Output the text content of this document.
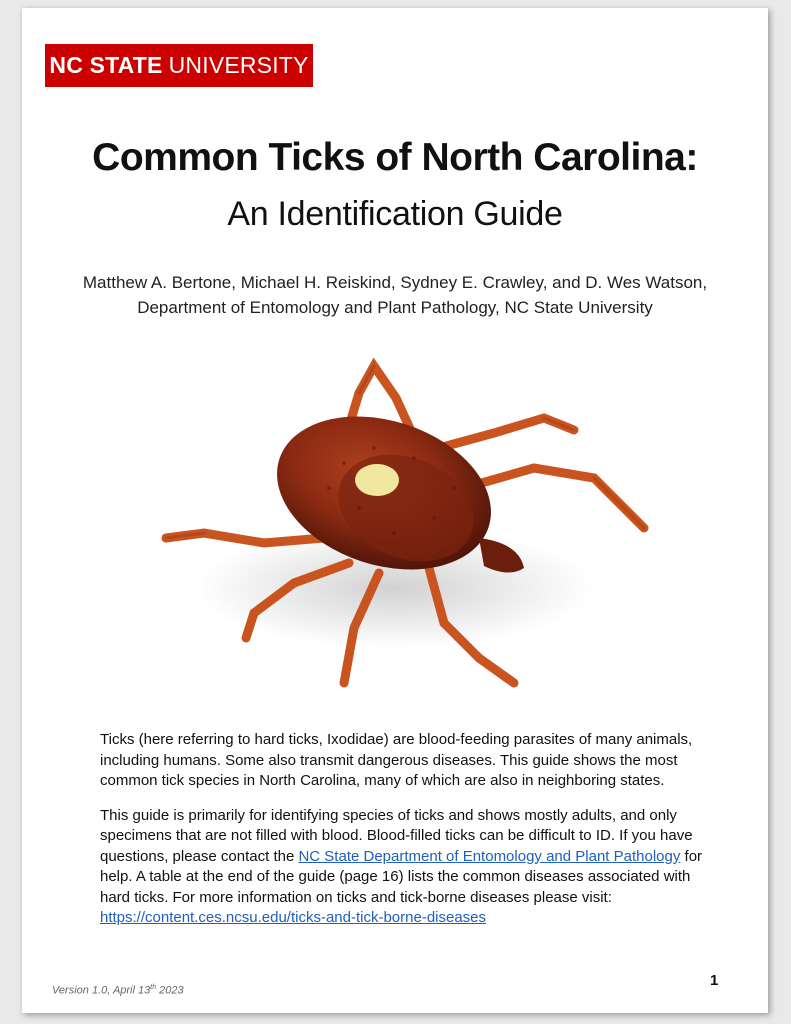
NC STATE UNIVERSITY
Common Ticks of North Carolina:
An Identification Guide
Matthew A. Bertone, Michael H. Reiskind, Sydney E. Crawley, and D. Wes Watson,
Department of Entomology and Plant Pathology, NC State University

Ticks (here referring to hard ticks, Ixodidae) are blood-feeding parasites of many animals, including humans. Some also transmit dangerous diseases. This guide shows the most common tick species in North Carolina, many of which are also in neighboring states.

This guide is primarily for identifying species of ticks and shows mostly adults, and only specimens that are not filled with blood. Blood-filled ticks can be difficult to ID. If you have questions, please contact the NC State Department of Entomology and Plant Pathology for help. A table at the end of the guide (page 16) lists the common diseases associated with hard ticks. For more information on ticks and tick-borne diseases please visit: https://content.ces.ncsu.edu/ticks-and-tick-borne-diseases

Version 1.0, April 13th 2023
1
